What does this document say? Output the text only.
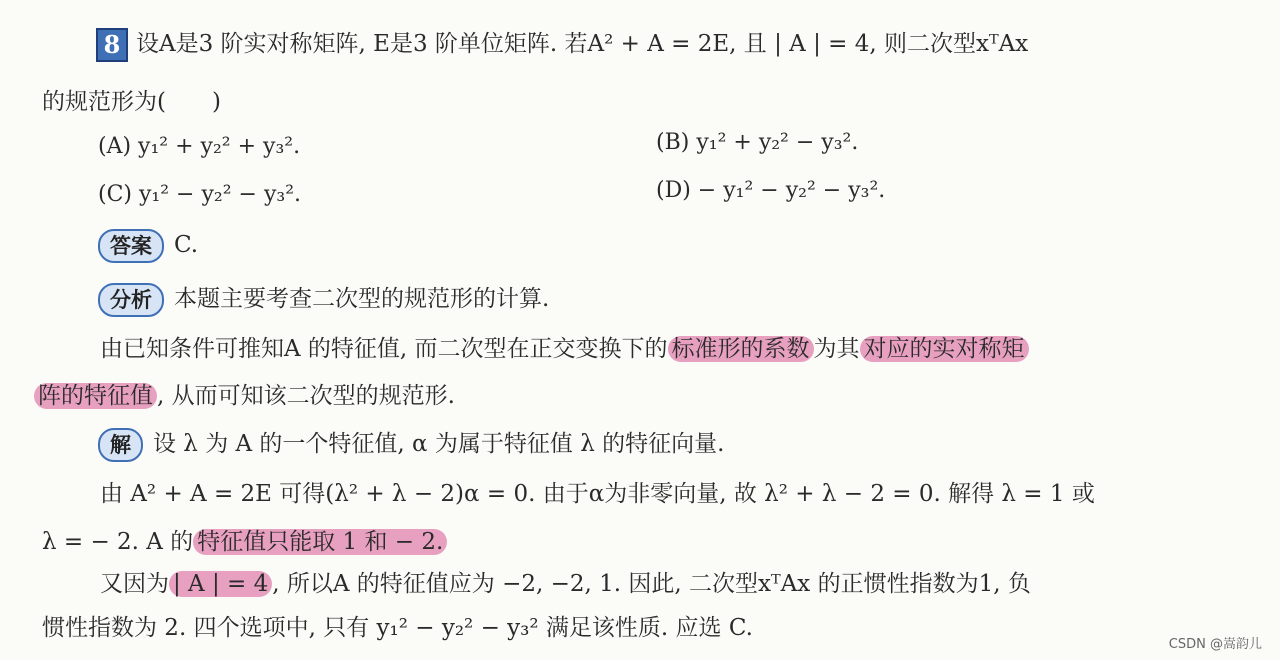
8 设A是3 阶实对称矩阵, E是3 阶单位矩阵. 若A² + A = 2E, 且 | A | = 4, 则二次型xᵀAx
的规范形为(　　)
(A) y₁² + y₂² + y₃².	(B) y₁² + y₂² − y₃².
(C) y₁² − y₂² − y₃².	(D) − y₁² − y₂² − y₃².
答案 C.
分析 本题主要考查二次型的规范形的计算.
由已知条件可推知A 的特征值, 而二次型在正交变换下的 标准形的系数 为其 对应的实对称矩
阵的特征值 , 从而可知该二次型的规范形.
解 设 λ 为 A 的一个特征值, α 为属于特征值 λ 的特征向量.
由 A² + A = 2E 可得(λ² + λ − 2)α = 0. 由于α为非零向量, 故 λ² + λ − 2 = 0. 解得 λ = 1 或
λ = − 2. A 的 特征值只能取 1 和 − 2.
又因为 | A | = 4 , 所以A 的特征值应为 −2, −2, 1. 因此, 二次型xᵀAx 的正惯性指数为1, 负
惯性指数为 2. 四个选项中, 只有 y₁² − y₂² − y₃² 满足该性质. 应选 C.
CSDN @嵩韵儿
